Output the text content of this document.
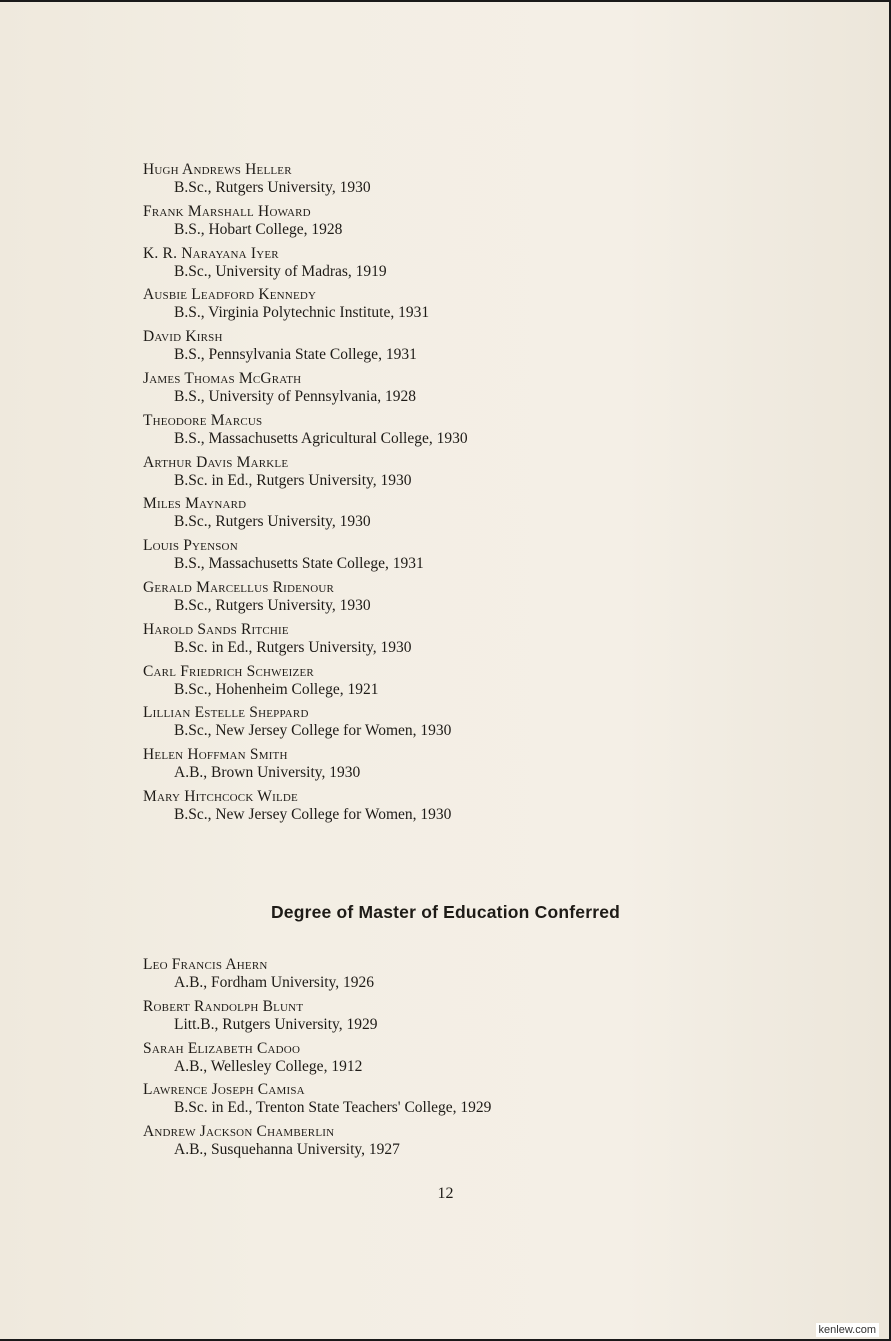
Hugh Andrews Heller
B.Sc., Rutgers University, 1930
Frank Marshall Howard
B.S., Hobart College, 1928
K. R. Narayana Iyer
B.Sc., University of Madras, 1919
Ausbie Leadford Kennedy
B.S., Virginia Polytechnic Institute, 1931
David Kirsh
B.S., Pennsylvania State College, 1931
James Thomas McGrath
B.S., University of Pennsylvania, 1928
Theodore Marcus
B.S., Massachusetts Agricultural College, 1930
Arthur Davis Markle
B.Sc. in Ed., Rutgers University, 1930
Miles Maynard
B.Sc., Rutgers University, 1930
Louis Pyenson
B.S., Massachusetts State College, 1931
Gerald Marcellus Ridenour
B.Sc., Rutgers University, 1930
Harold Sands Ritchie
B.Sc. in Ed., Rutgers University, 1930
Carl Friedrich Schweizer
B.Sc., Hohenheim College, 1921
Lillian Estelle Sheppard
B.Sc., New Jersey College for Women, 1930
Helen Hoffman Smith
A.B., Brown University, 1930
Mary Hitchcock Wilde
B.Sc., New Jersey College for Women, 1930
Degree of Master of Education Conferred
Leo Francis Ahern
A.B., Fordham University, 1926
Robert Randolph Blunt
Litt.B., Rutgers University, 1929
Sarah Elizabeth Cadoo
A.B., Wellesley College, 1912
Lawrence Joseph Camisa
B.Sc. in Ed., Trenton State Teachers' College, 1929
Andrew Jackson Chamberlin
A.B., Susquehanna University, 1927
12
kenlew.com
